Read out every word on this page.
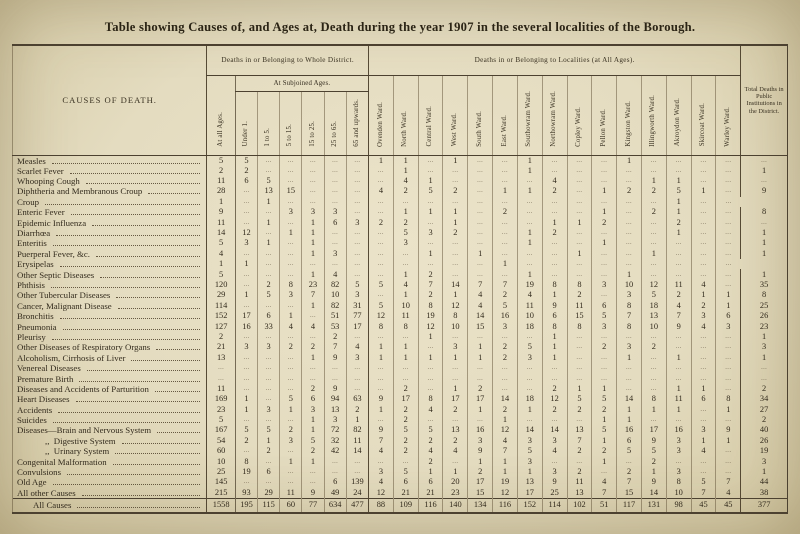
Table showing Causes of, and Ages at, Death during the year 1907 in the several localities of the Borough.
CAUSES OF DEATH.	Deaths in or Belonging to Whole District.							Deaths in or Belonging to Localities (at All Ages).															Total Deaths in Public Institutions in the District.
	At all Ages.	At Subjoined Ages.						Ovenden Ward.	North Ward.	Central Ward.	West Ward.	South Ward.	East Ward.	Southowram Ward.	Northowram Ward.	Copley Ward.	Pellon Ward.	Kingston Ward.	Illingworth Ward.	Akroydon Ward.	Skircoat Ward.	Warley Ward.	
		Under 1.	1 to 5.	5 to 15.	15 to 25.	25 to 65.	65 and upwards.																

Measles	5	5	...	...	...	...	...	1	1	...	1	...	...	1	...	...	...	1	...	...	...	...	...

Scarlet Fever	2	2	...	...	...	...	...	...	1	...	...	...	...	1	...	...	...	...	...	...	...	...	1

Whooping Cough	11	6	5	...	...	...	...	...	4	1	...	...	...	...	4	...	...	...	1	1	...	...	...

Diphtheria and Membranous Croup	28	...	13	15	...	...	...	4	2	5	2	...	1	1	2	...	1	2	2	5	1	...	9

Croup	1	...	1	...	...	...	...	...	...	...	...	...	...	...	...	...	...	...	...	1	...	...	

Enteric Fever	9	...	...	3	3	3	...	...	1	1	1	...	2	...	...	...	1	...	2	1	...	...	8

Epidemic Influenza	11	...	1	...	1	6	3	2	2	...	1	...	...	...	1	1	2	...	...	2	...	...	...

Diarrhœa	14	12	...	1	1	...	...	...	5	3	2	...	...	1	2	...	...	...	...	1	...	...	1

Enteritis	5	3	1	...	1	...	...	...	3	...	...	...	...	1	...	...	1	...	...	...	...	...	1

Puerperal Fever, &c.	4	...	...	...	1	3	...	...	...	1	...	1	...	...	...	1	...	...	1	...	...	...	1

Erysipelas	1	1	...	...	...	...	...	...	...	...	...	...	1	...	...	...	...	...	...	...	...	...	

Other Septic Diseases	5	...	...	...	1	4	...	...	1	2	...	...	...	1	...	...	...	1	...	...	...	...	1

Phthisis	120	...	2	8	23	82	5	5	4	7	14	7	7	19	8	8	3	10	12	11	4	...	35

Other Tubercular Diseases	29	1	5	3	7	10	3	...	1	2	1	4	2	4	1	2	...	3	5	2	1	1	8

Cancer, Malignant Disease	114	...	...	...	1	82	31	5	10	8	12	4	5	11	9	11	6	8	18	4	2	1	25

Bronchitis	152	17	6	1	...	51	77	12	11	19	8	14	16	10	6	15	5	7	13	7	3	6	26

Pneumonia	127	16	33	4	4	53	17	8	8	12	10	15	3	18	8	8	3	8	10	9	4	3	23

Pleurisy	2	...	...	...	...	2	...	...	...	1	...	...	...	...	1	...	...	...	...	...	...	...	1

Other Diseases of Respiratory Organs	21	3	3	2	2	7	4	1	1	...	3	1	2	5	1	...	2	3	2	...	...	...	3

Alcoholism, Cirrhosis of Liver	13	...	...	...	1	9	3	1	1	1	1	1	2	3	1	...	...	1	...	1	...	...	1

Venereal Diseases	...	...	...	...	...	...	...	...	...	...	...	...	...	...	...	...	...	...	...	...	...	...	...

Premature Birth	...	...	...	...	...	...	...	...	...	...	...	...	...	...	...	...	...	...	...	...	...	...	...

Diseases and Accidents of Parturition	11	...	...	...	2	9	...	...	2	...	1	2	...	...	2	1	1	...	...	1	1	...	2

Heart Diseases	169	1	...	5	6	94	63	9	17	8	17	17	14	18	12	5	5	14	8	11	6	8	34

Accidents	23	1	3	1	3	13	2	1	2	4	2	1	2	1	2	2	2	1	1	1	...	1	27

Suicides	5	...	...	...	1	3	1	...	2	...	...	...	1	...	...	...	1	1	...	...	...	...	2

Diseases—Brain and Nervous System	167	5	5	2	1	72	82	9	5	5	13	16	12	14	14	13	5	16	17	16	3	9	40

,, Digestive System	54	2	1	3	5	32	11	7	2	2	2	3	4	3	3	7	1	6	9	3	1	1	26

,, Urinary System	60	...	2	...	2	42	14	4	2	4	4	9	7	5	4	2	2	5	5	3	4	...	19

Congenital Malformation	10	8	...	1	1	...	...	...	...	2	...	1	1	3	...	...	1	...	2	...	...	...	3

Convulsions	25	19	6	...	...	...	...	3	5	1	1	2	1	1	3	2	...	2	1	3	...	...	1

Old Age	145	...	...	...	...	6	139	4	6	6	20	17	19	13	9	11	4	7	9	8	5	7	44

All other Causes	215	93	29	11	9	49	24	12	21	21	23	15	12	17	25	13	7	15	14	10	7	4	38

All Causes	1558	195	115	60	77	634	477	88	109	116	140	134	116	152	114	102	51	117	131	98	45	45	377
